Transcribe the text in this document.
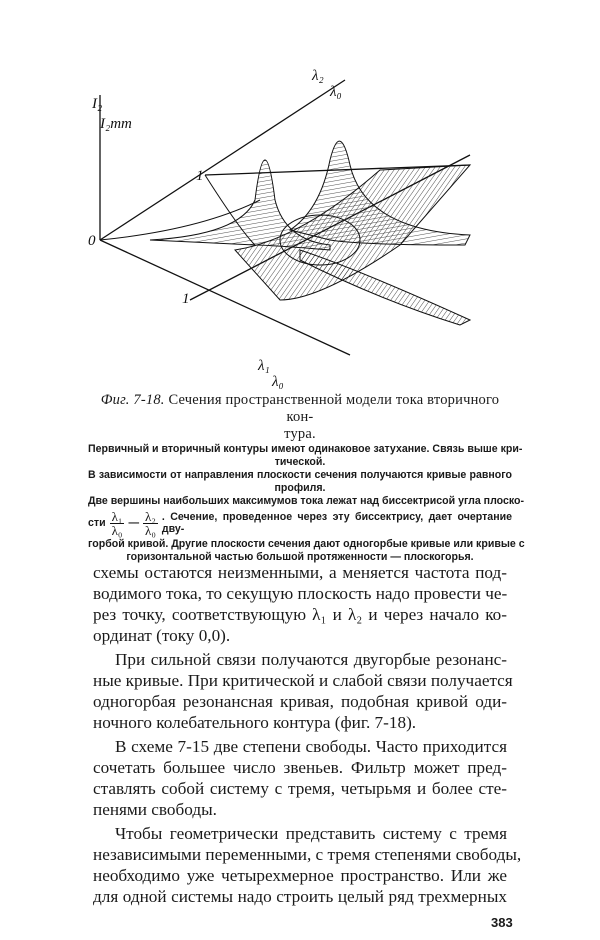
I₂
I₂mm
λ₂
λ₀
λ₁
λ₀
0
1
1
Фиг. 7-18. Сечения пространственной модели тока вторичного кон-
тура.
Первичный и вторичный контуры имеют одинаковое затухание. Связь выше кри-
тической.
В зависимости от направления плоскости сечения получаются кривые равного
профиля.
Две вершины наибольших максимумов тока лежат над биссектрисой угла плоско-
сти $\frac{\text{λ₁}}{\text{λ₀}}$ — $\frac{\text{λ₂}}{\text{λ₀}}$ . Сечение, проведенное через эту биссектрису, дает очертание дву-
горбой кривой. Другие плоскости сечения дают одногорбые кривые или кривые с
горизонтальной частью большой протяженности — плоскогорья.
схемы остаются неизменными, а меняется частота под-
водимого тока, то секущую плоскость надо провести че-
рез точку, соответствующую λ₁ и λ₂ и через начало ко-
ординат (току 0,0).
При сильной связи получаются двугорбые резонанс-
ные кривые. При критической и слабой связи получается
одногорбая резонансная кривая, подобная кривой оди-
ночного колебательного контура (фиг. 7-18).
В схеме 7-15 две степени свободы. Часто приходится
сочетать большее число звеньев. Фильтр может пред-
ставлять собой систему с тремя, четырьмя и более сте-
пенями свободы.
Чтобы геометрически представить систему с тремя
независимыми переменными, с тремя степенями свободы,
необходимо уже четырехмерное пространство. Или же
для одной системы надо строить целый ряд трехмерных
383
